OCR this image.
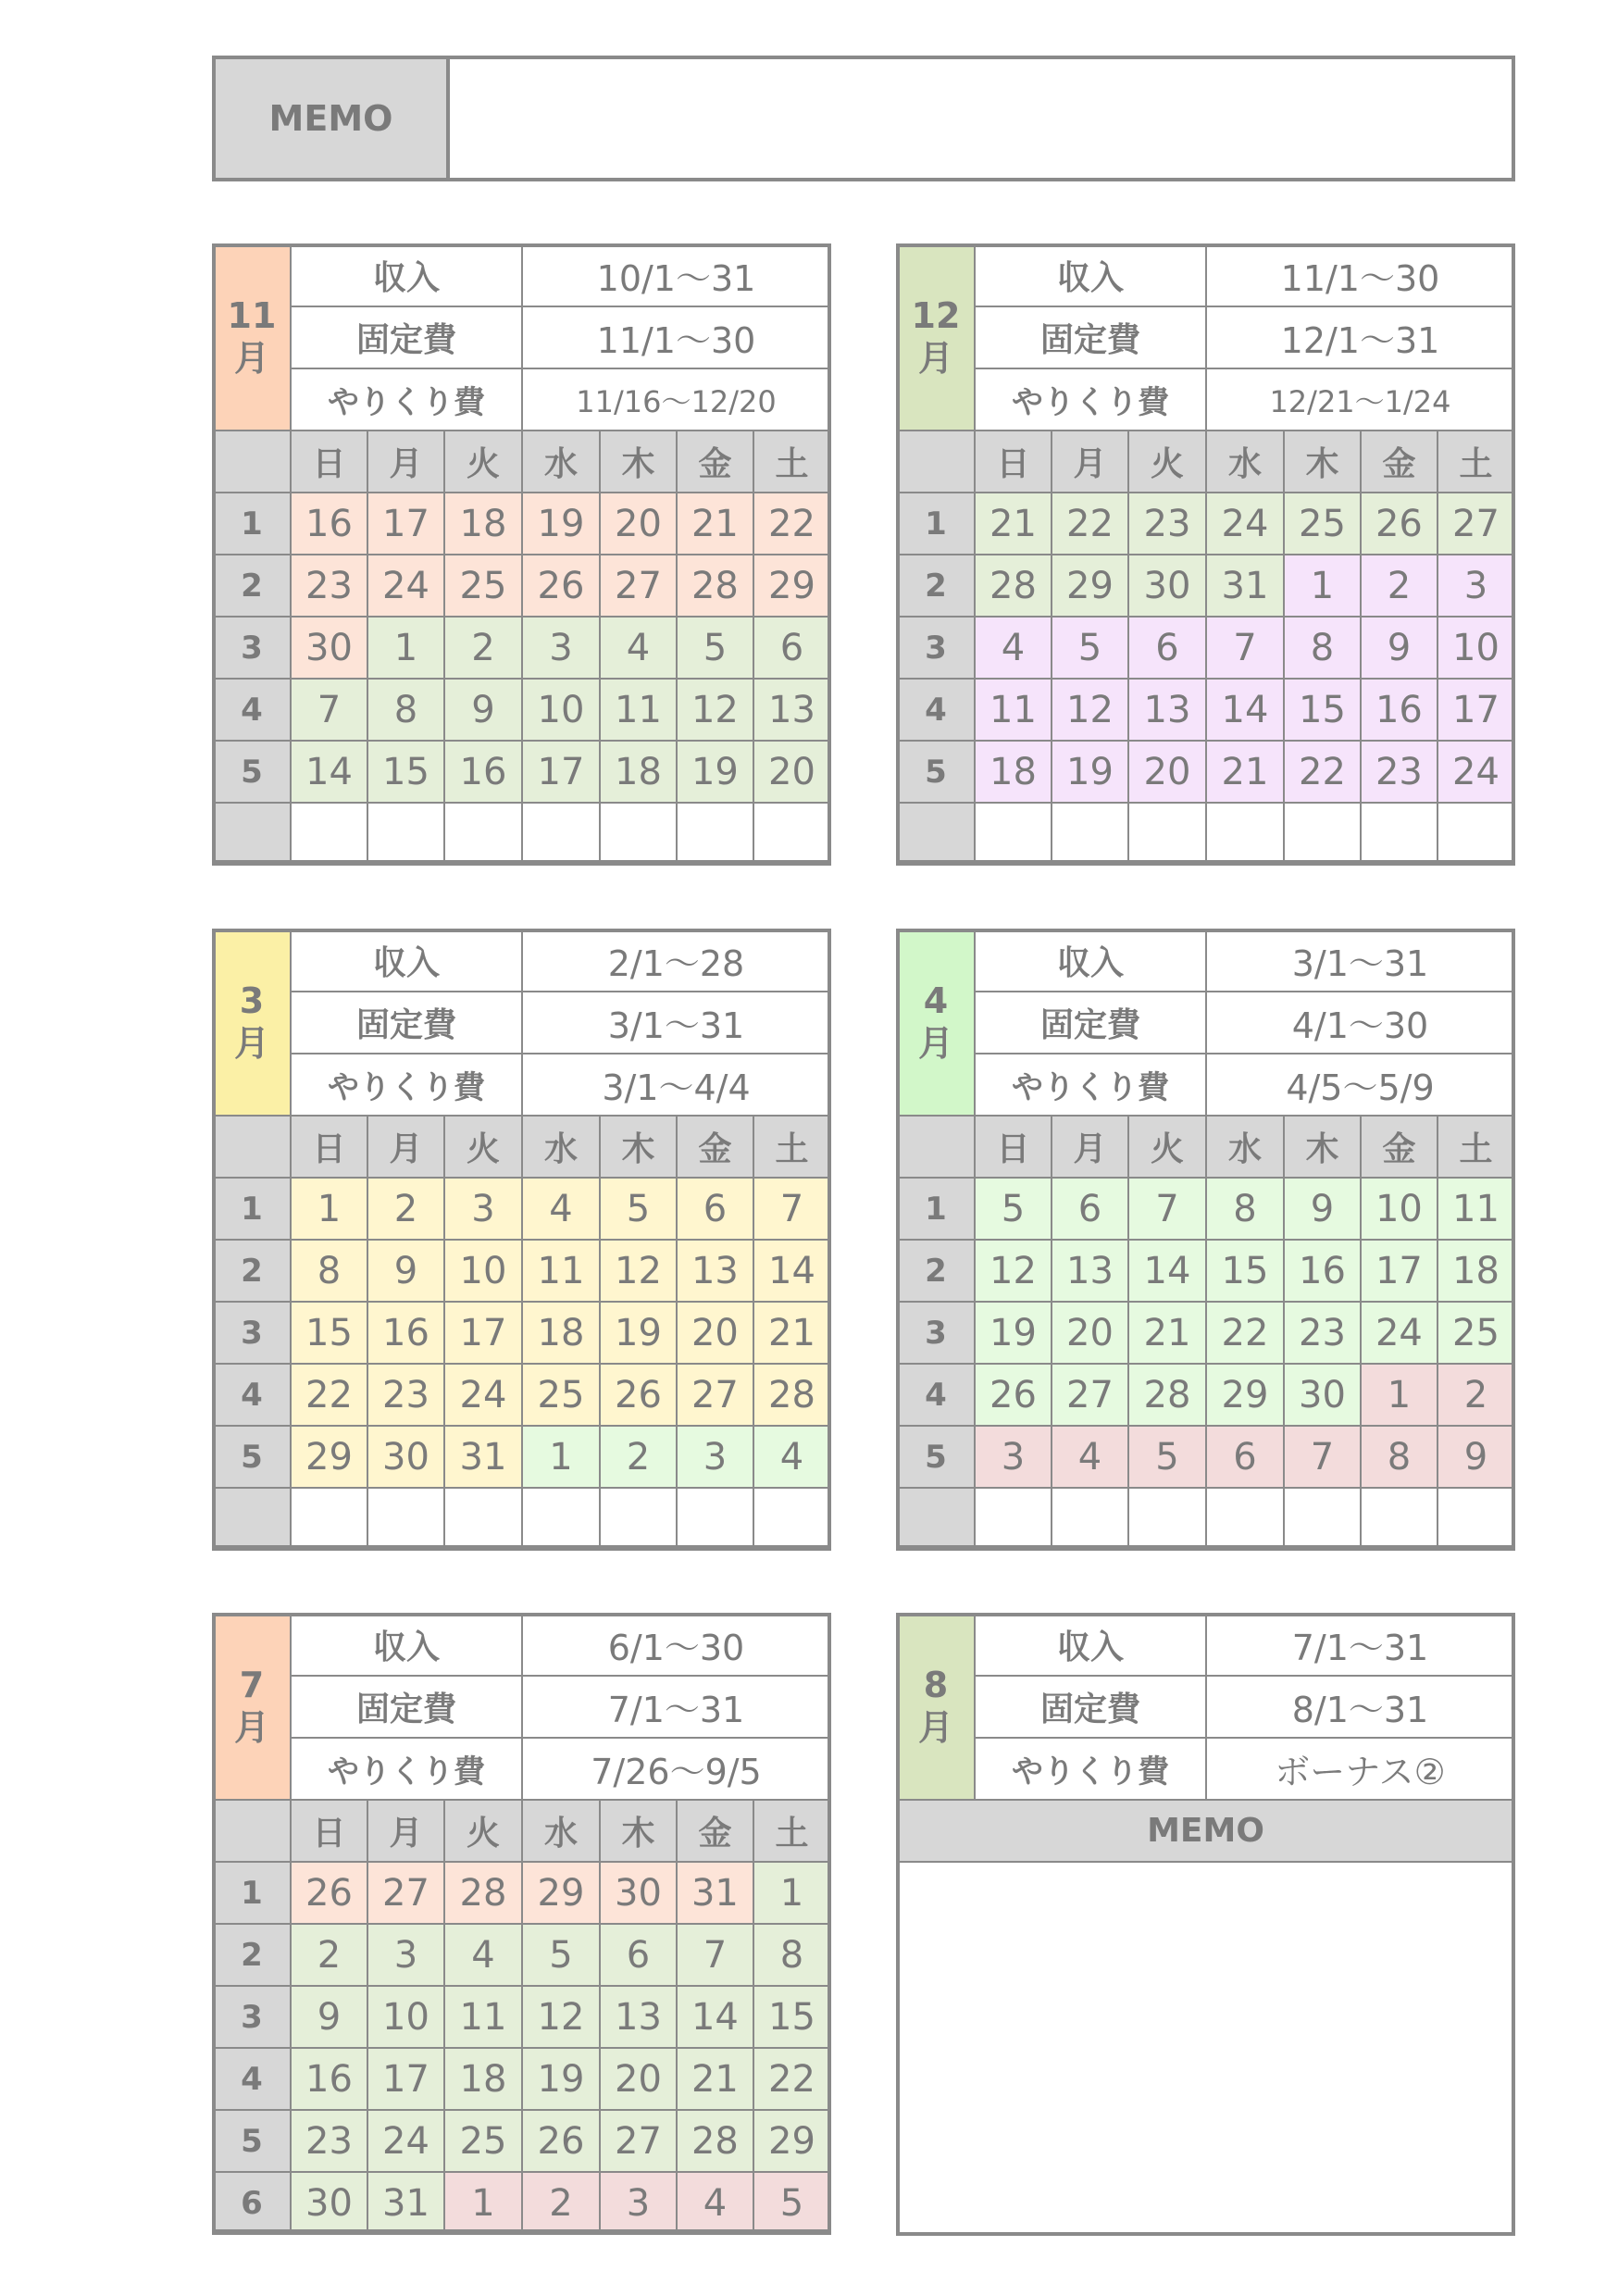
MEMO
11
月	収入			10/1〜31			
	固定費			11/1〜30			
	やりくり費			11/16〜12/20			
	日	月	火	水	木	金	土
1	16	17	18	19	20	21	22
2	23	24	25	26	27	28	29
3	30	1	2	3	4	5	6
4	7	8	9	10	11	12	13
5	14	15	16	17	18	19	20

12
月	収入			11/1〜30			
	固定費			12/1〜31			
	やりくり費			12/21〜1/24			
	日	月	火	水	木	金	土
1	21	22	23	24	25	26	27
2	28	29	30	31	1	2	3
3	4	5	6	7	8	9	10
4	11	12	13	14	15	16	17
5	18	19	20	21	22	23	24

3
月	収入			2/1〜28			
	固定費			3/1〜31			
	やりくり費			3/1〜4/4			
	日	月	火	水	木	金	土
1	1	2	3	4	5	6	7
2	8	9	10	11	12	13	14
3	15	16	17	18	19	20	21
4	22	23	24	25	26	27	28
5	29	30	31	1	2	3	4

4
月	収入			3/1〜31			
	固定費			4/1〜30			
	やりくり費			4/5〜5/9			
	日	月	火	水	木	金	土
1	5	6	7	8	9	10	11
2	12	13	14	15	16	17	18
3	19	20	21	22	23	24	25
4	26	27	28	29	30	1	2
5	3	4	5	6	7	8	9

7
月	収入			6/1〜30			
	固定費			7/1〜31			
	やりくり費			7/26〜9/5			
	日	月	火	水	木	金	土
1	26	27	28	29	30	31	1
2	2	3	4	5	6	7	8
3	9	10	11	12	13	14	15
4	16	17	18	19	20	21	22
5	23	24	25	26	27	28	29
6	30	31	1	2	3	4	5
8
月	収入	7/1〜31
	固定費	8/1〜31
	やりくり費	ボーナス②
MEMO		
